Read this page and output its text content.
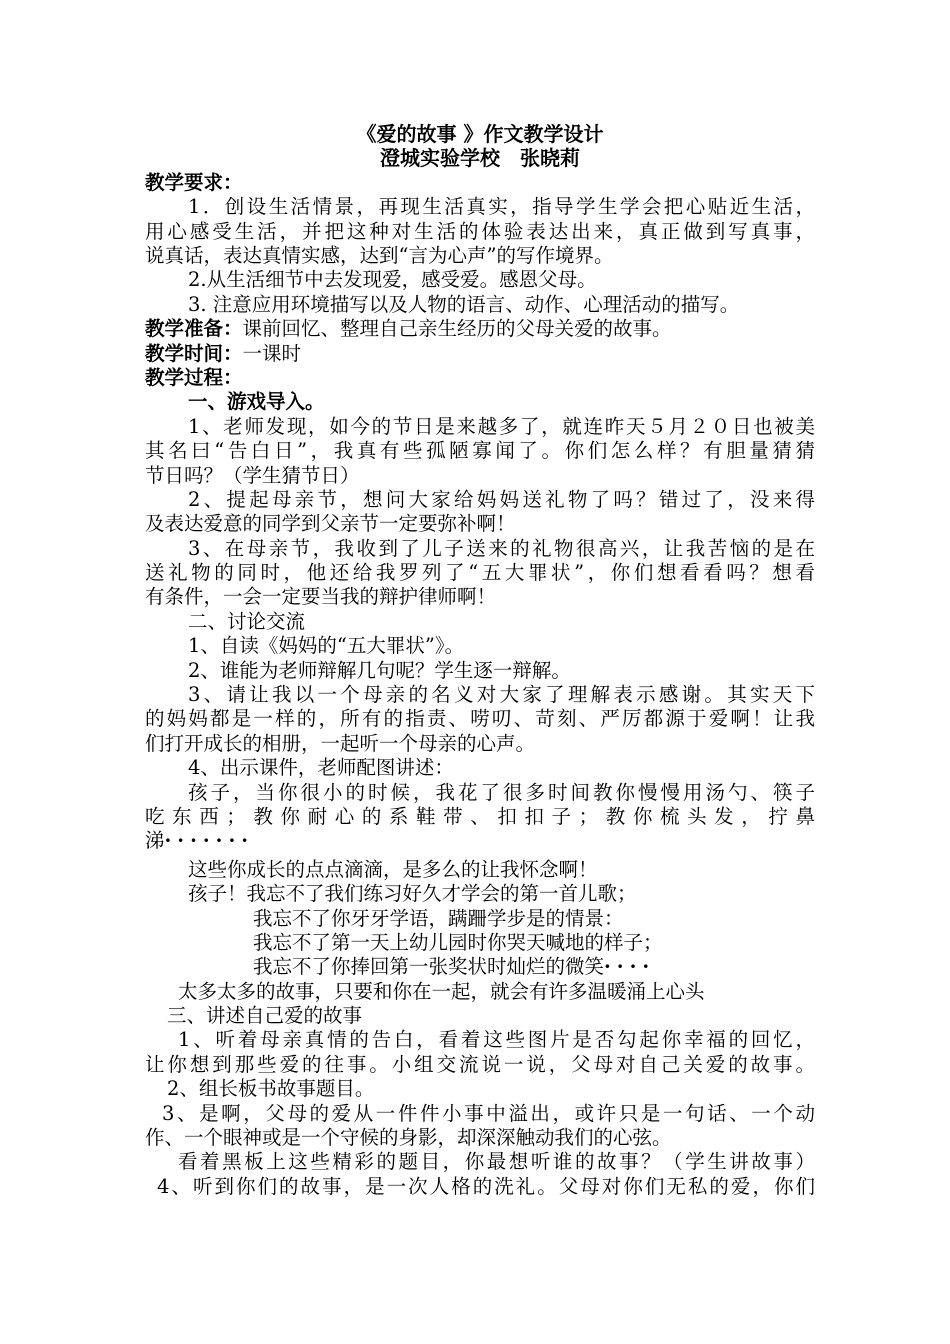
《爱的故事 》作文教学设计
澄城实验学校　张晓莉
教学要求：
1．创设生活情景，再现生活真实，指导学生学会把心贴近生活，
用心感受生活，并把这种对生活的体验表达出来，真正做到写真事，
说真话，表达真情实感，达到“言为心声”的写作境界。
2.从生活细节中去发现爱，感受爱。感恩父母。
3. 注意应用环境描写以及人物的语言、动作、心理活动的描写。
教学准备：课前回忆、整理自己亲生经历的父母关爱的故事。
教学时间：一课时
教学过程：
一、游戏导入。
1、老师发现，如今的节日是来越多了，就连昨天５月２０日也被美
其名曰“告白日”，我真有些孤陋寡闻了。你们怎么样？有胆量猜猜
节日吗？（学生猜节日）
2、提起母亲节，想问大家给妈妈送礼物了吗？错过了，没来得
及表达爱意的同学到父亲节一定要弥补啊！
3、在母亲节，我收到了儿子送来的礼物很高兴，让我苦恼的是在
送礼物的同时，他还给我罗列了“五大罪状”，你们想看看吗？想看
有条件，一会一定要当我的辩护律师啊！
二、讨论交流
1、自读《妈妈的“五大罪状”》。
2、谁能为老师辩解几句呢？学生逐一辩解。
3、请让我以一个母亲的名义对大家了理解表示感谢。其实天下
的妈妈都是一样的，所有的指责、唠叨、苛刻、严厉都源于爱啊！让我
们打开成长的相册，一起听一个母亲的心声。
4、出示课件，老师配图讲述：
孩子，当你很小的时候，我花了很多时间教你慢慢用汤勺、筷子
吃东西；教你耐心的系鞋带、扣扣子；教你梳头发，拧鼻
涕·······
这些你成长的点点滴滴，是多么的让我怀念啊！
孩子！我忘不了我们练习好久才学会的第一首儿歌；
我忘不了你牙牙学语，蹒跚学步是的情景：
我忘不了第一天上幼儿园时你哭天喊地的样子；
我忘不了你捧回第一张奖状时灿烂的微笑····
太多太多的故事，只要和你在一起，就会有许多温暖涌上心头
三、讲述自己爱的故事
1、听着母亲真情的告白，看着这些图片是否勾起你幸福的回忆，
让你想到那些爱的往事。小组交流说一说，父母对自己关爱的故事。
2、组长板书故事题目。
3、是啊，父母的爱从一件件小事中溢出，或许只是一句话、一个动
作、一个眼神或是一个守候的身影，却深深触动我们的心弦。
看着黑板上这些精彩的题目，你最想听谁的故事？（学生讲故事）
4、听到你们的故事，是一次人格的洗礼。父母对你们无私的爱，你们
